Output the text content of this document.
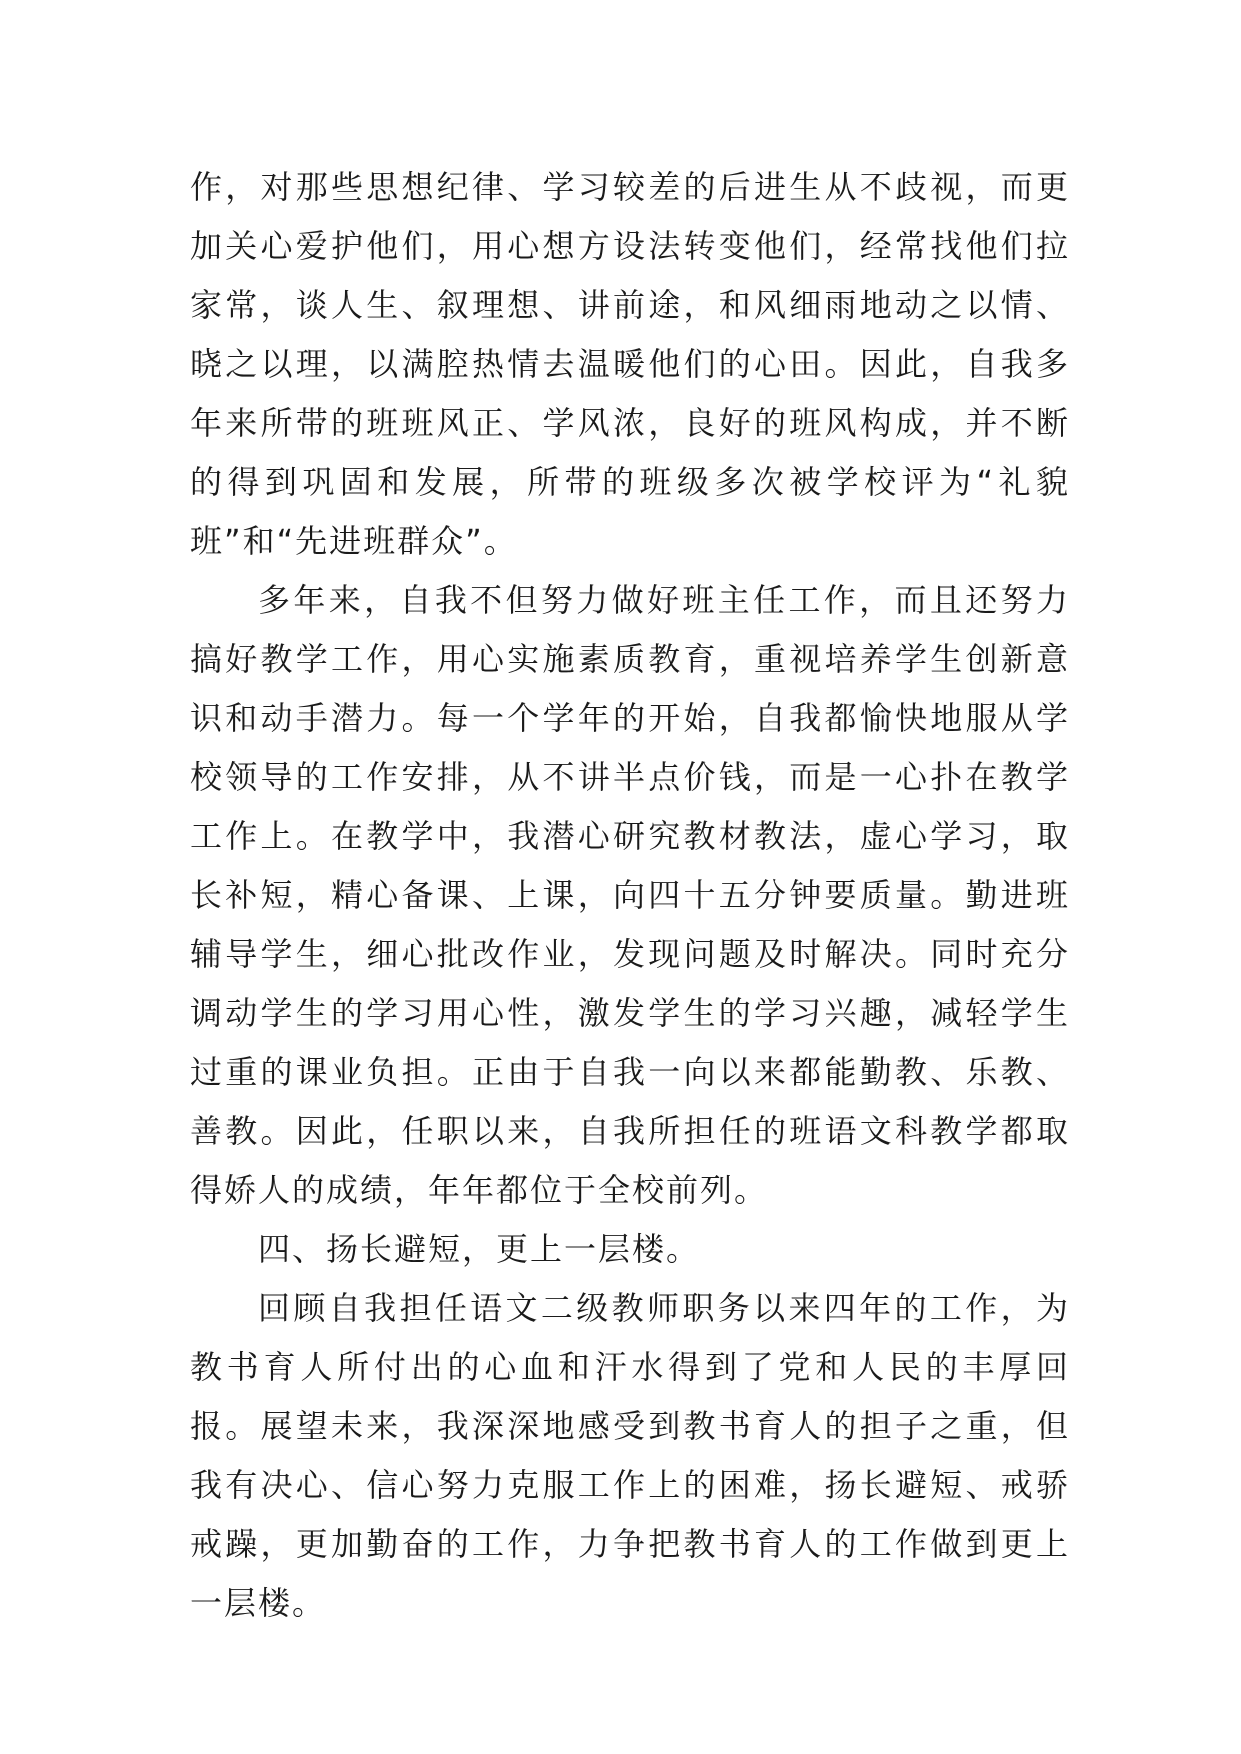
作，对那些思想纪律、学习较差的后进生从不歧视，而更加关心爱护他们，用心想方设法转变他们，经常找他们拉家常，谈人生、叙理想、讲前途，和风细雨地动之以情、晓之以理，以满腔热情去温暖他们的心田。因此，自我多年来所带的班班风正、学风浓，良好的班风构成，并不断的得到巩固和发展，所带的班级多次被学校评为“礼貌班”和“先进班群众”。

多年来，自我不但努力做好班主任工作，而且还努力搞好教学工作，用心实施素质教育，重视培养学生创新意识和动手潜力。每一个学年的开始，自我都愉快地服从学校领导的工作安排，从不讲半点价钱，而是一心扑在教学工作上。在教学中，我潜心研究教材教法，虚心学习，取长补短，精心备课、上课，向四十五分钟要质量。勤进班辅导学生，细心批改作业，发现问题及时解决。同时充分调动学生的学习用心性，激发学生的学习兴趣，减轻学生过重的课业负担。正由于自我一向以来都能勤教、乐教、善教。因此，任职以来，自我所担任的班语文科教学都取得娇人的成绩，年年都位于全校前列。

四、扬长避短，更上一层楼。

回顾自我担任语文二级教师职务以来四年的工作，为教书育人所付出的心血和汗水得到了党和人民的丰厚回报。展望未来，我深深地感受到教书育人的担子之重，但我有决心、信心努力克服工作上的困难，扬长避短、戒骄戒躁，更加勤奋的工作，力争把教书育人的工作做到更上一层楼。
